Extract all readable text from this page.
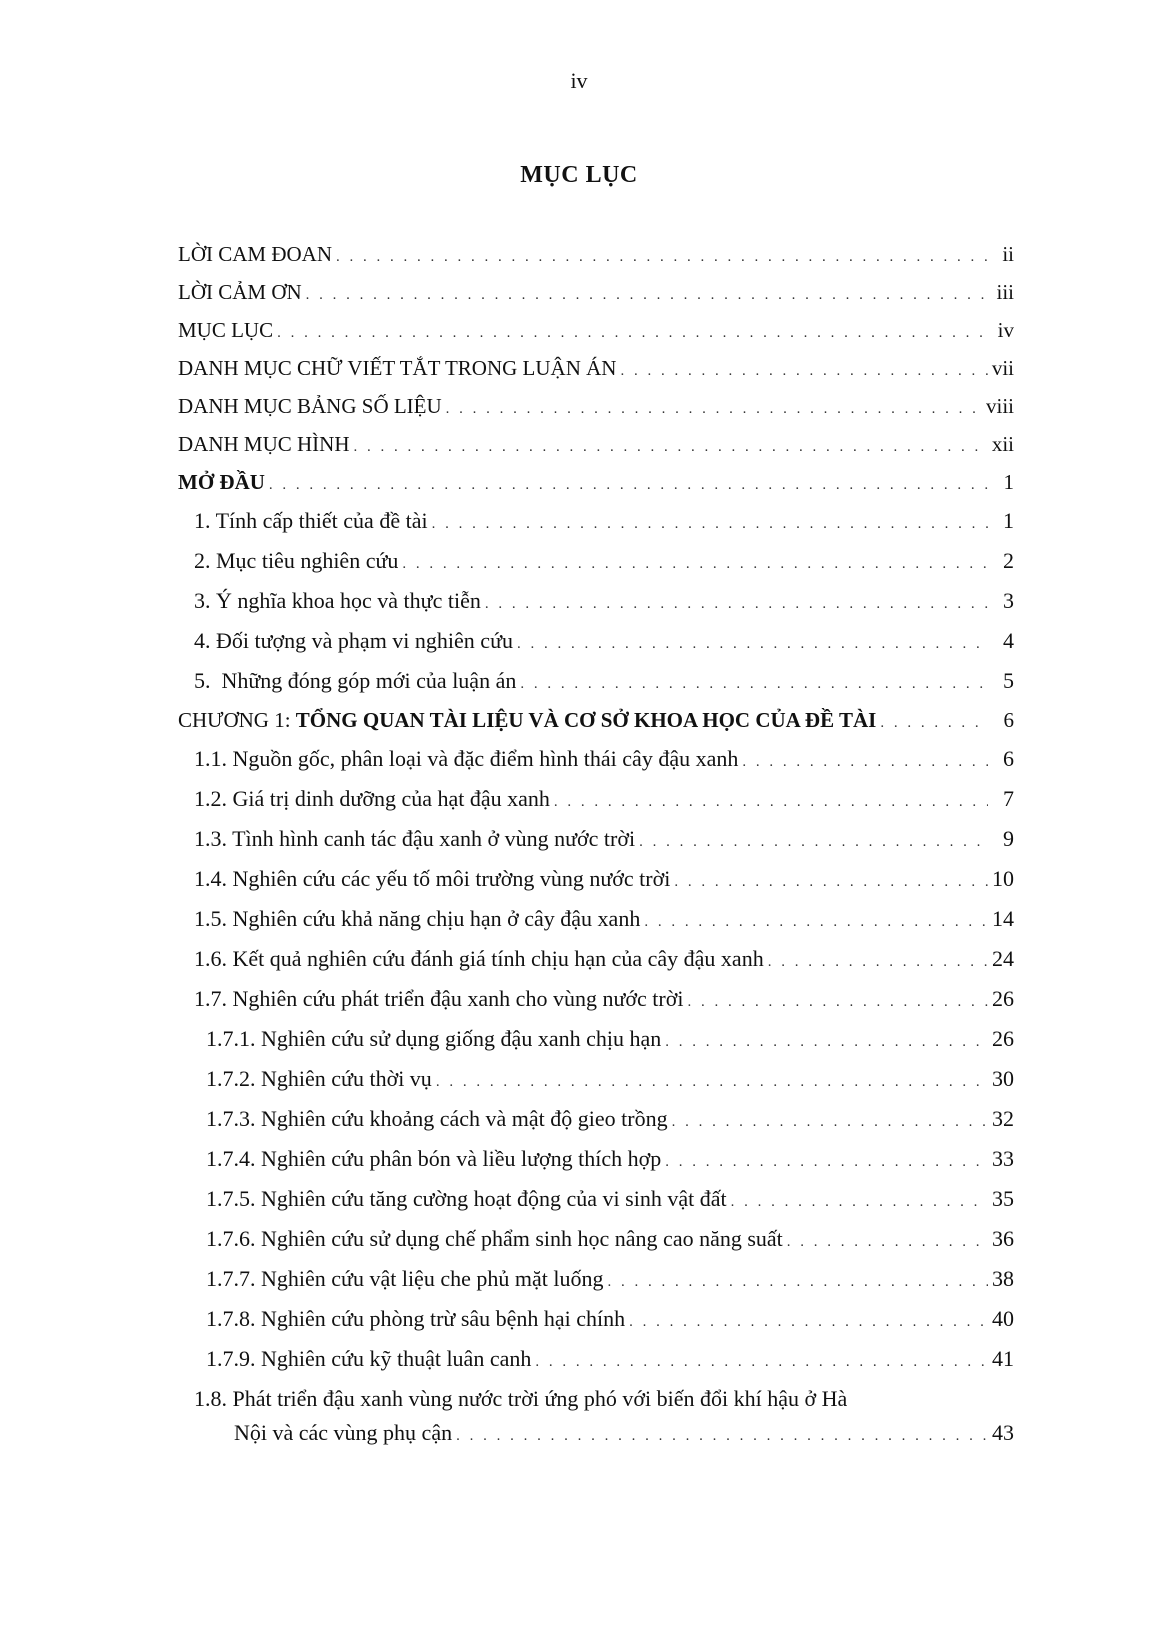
iv
MỤC LỤC
LỜI CAM ĐOAN . . .	ii
LỜI CẢM ƠN . . .	iii
MỤC LỤC . . .	iv
DANH MỤC CHỮ VIẾT TẮT TRONG LUẬN ÁN . . .	vii
DANH MỤC BẢNG SỐ LIỆU . . .	viii
DANH MỤC HÌNH . . .	xii
MỞ ĐẦU . . .	1
1. Tính cấp thiết của đề tài . . .	1
2. Mục tiêu nghiên cứu . . .	2
3. Ý nghĩa khoa học và thực tiễn . . .	3
4. Đối tượng và phạm vi nghiên cứu . . .	4
5.  Những đóng góp mới của luận án . . .	5
CHƯƠNG 1: TỔNG QUAN TÀI LIỆU VÀ CƠ SỞ KHOA HỌC CỦA ĐỀ TÀI . . .	6
1.1. Nguồn gốc, phân loại và đặc điểm hình thái cây đậu xanh . . .	6
1.2. Giá trị dinh dưỡng của hạt đậu xanh . . .	7
1.3. Tình hình canh tác đậu xanh ở vùng nước trời . . .	9
1.4. Nghiên cứu các yếu tố môi trường vùng nước trời . . .	10
1.5. Nghiên cứu khả năng chịu hạn ở cây đậu xanh . . .	14
1.6. Kết quả nghiên cứu đánh giá tính chịu hạn của cây đậu xanh . . .	24
1.7. Nghiên cứu phát triển đậu xanh cho vùng nước trời . . .	26
1.7.1. Nghiên cứu sử dụng giống đậu xanh chịu hạn . . .	26
1.7.2. Nghiên cứu thời vụ . . .	30
1.7.3. Nghiên cứu khoảng cách và mật độ gieo trồng . . .	32
1.7.4. Nghiên cứu phân bón và liều lượng thích hợp . . .	33
1.7.5. Nghiên cứu tăng cường hoạt động của vi sinh vật đất . . .	35
1.7.6. Nghiên cứu sử dụng chế phẩm sinh học nâng cao năng suất . . .	36
1.7.7. Nghiên cứu vật liệu che phủ mặt luống . . .	38
1.7.8. Nghiên cứu phòng trừ sâu bệnh hại chính . . .	40
1.7.9. Nghiên cứu kỹ thuật luân canh . . .	41
1.8. Phát triển đậu xanh vùng nước trời ứng phó với biến đổi khí hậu ở Hà
Nội và các vùng phụ cận . . .	43
